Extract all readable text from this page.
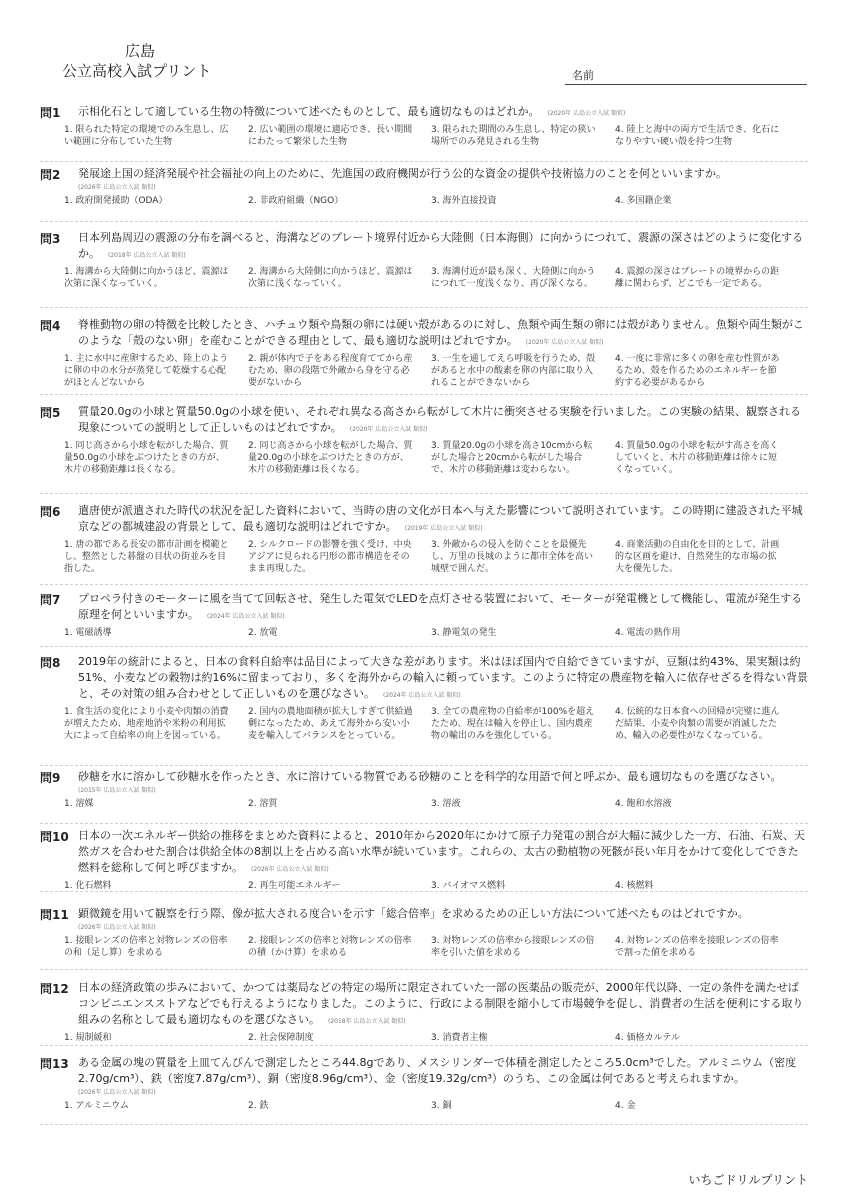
広島
公立高校入試プリント	名前
問1 示相化石として適している生物の特徴について述べたものとして、最も適切なものはどれか。 (2020年 広島公立入試 類似)
1. 限られた特定の環境でのみ生息し、広い範囲に分布していた生物
2. 広い範囲の環境に適応でき、長い期間にわたって繁栄した生物
3. 限られた期間のみ生息し、特定の狭い場所でのみ発見される生物
4. 陸上と海中の両方で生活でき、化石になりやすい硬い殻を持つ生物
問2 発展途上国の経済発展や社会福祉の向上のために、先進国の政府機関が行う公的な資金の提供や技術協力のことを何といいますか。
(2026年 広島公立入試 類似)
1. 政府開発援助（ODA）	2. 非政府組織（NGO）	3. 海外直接投資	4. 多国籍企業
問3 日本列島周辺の震源の分布を調べると、海溝などのプレート境界付近から大陸側（日本海側）に向かうにつれて、震源の深さはどのように変化するか。 (2018年 広島公立入試 類似)
1. 海溝から大陸側に向かうほど、震源は次第に深くなっていく。
2. 海溝から大陸側に向かうほど、震源は次第に浅くなっていく。
3. 海溝付近が最も深く、大陸側に向かうにつれて一度浅くなり、再び深くなる。
4. 震源の深さはプレートの境界からの距離に関わらず、どこでも一定である。
問4 脊椎動物の卵の特徴を比較したとき、ハチュウ類や鳥類の卵には硬い殻があるのに対し、魚類や両生類の卵には殻がありません。魚類や両生類がこのような「殻のない卵」を産むことができる理由として、最も適切な説明はどれですか。 (2020年 広島公立入試 類似)
1. 主に水中に産卵するため、陸上のように卵の中の水分が蒸発して乾燥する心配がほとんどないから
2. 親が体内で子をある程度育ててから産むため、卵の段階で外敵から身を守る必要がないから
3. 一生を通してえら呼吸を行うため、殻があると水中の酸素を卵の内部に取り入れることができないから
4. 一度に非常に多くの卵を産む性質があるため、殻を作るためのエネルギーを節約する必要があるから
問5 質量20.0gの小球と質量50.0gの小球を使い、それぞれ異なる高さから転がして木片に衝突させる実験を行いました。この実験の結果、観察される現象についての説明として正しいものはどれですか。 (2020年 広島公立入試 類似)
1. 同じ高さから小球を転がした場合、質量50.0gの小球をぶつけたときの方が、木片の移動距離は長くなる。
2. 同じ高さから小球を転がした場合、質量20.0gの小球をぶつけたときの方が、木片の移動距離は長くなる。
3. 質量20.0gの小球を高さ10cmから転がした場合と20cmから転がした場合で、木片の移動距離は変わらない。
4. 質量50.0gの小球を転がす高さを高くしていくと、木片の移動距離は徐々に短くなっていく。
問6 遣唐使が派遣された時代の状況を記した資料において、当時の唐の文化が日本へ与えた影響について説明されています。この時期に建設された平城京などの都城建設の背景として、最も適切な説明はどれですか。 (2019年 広島公立入試 類似)
1. 唐の都である長安の都市計画を模範とし、整然とした碁盤の目状の街並みを目指した。
2. シルクロードの影響を強く受け、中央アジアに見られる円形の都市構造をそのまま再現した。
3. 外敵からの侵入を防ぐことを最優先し、万里の長城のように都市全体を高い城壁で囲んだ。
4. 商業活動の自由化を目的として、計画的な区画を避け、自然発生的な市場の拡大を優先した。
問7 プロペラ付きのモーターに風を当てて回転させ、発生した電気でLEDを点灯させる装置において、モーターが発電機として機能し、電流が発生する原理を何といいますか。 (2024年 広島公立入試 類似)
1. 電磁誘導	2. 放電	3. 静電気の発生	4. 電流の熱作用
問8 2019年の統計によると、日本の食料自給率は品目によって大きな差があります。米はほぼ国内で自給できていますが、豆類は約43%、果実類は約51%、小麦などの穀物は約16%に留まっており、多くを海外からの輸入に頼っています。このように特定の農産物を輸入に依存せざるを得ない背景と、その対策の組み合わせとして正しいものを選びなさい。 (2024年 広島公立入試 類似)
1. 食生活の変化により小麦や肉類の消費が増えたため、地産地消や米粉の利用拡大によって自給率の向上を図っている。
2. 国内の農地面積が拡大しすぎて供給過剰になったため、あえて海外から安い小麦を輸入してバランスをとっている。
3. 全ての農産物の自給率が100%を超えたため、現在は輸入を停止し、国内農産物の輸出のみを強化している。
4. 伝統的な日本食への回帰が完璧に進んだ結果、小麦や肉類の需要が消滅したため、輸入の必要性がなくなっている。
問9 砂糖を水に溶かして砂糖水を作ったとき、水に溶けている物質である砂糖のことを科学的な用語で何と呼ぶか、最も適切なものを選びなさい。
(2015年 広島公立入試 類似)
1. 溶媒	2. 溶質	3. 溶液	4. 飽和水溶液
問10 日本の一次エネルギー供給の推移をまとめた資料によると、2010年から2020年にかけて原子力発電の割合が大幅に減少した一方、石油、石炭、天然ガスを合わせた割合は供給全体の8割以上を占める高い水準が続いています。これらの、太古の動植物の死骸が長い年月をかけて変化してできた燃料を総称して何と呼びますか。 (2026年 広島公立入試 類似)
1. 化石燃料	2. 再生可能エネルギー	3. バイオマス燃料	4. 核燃料
問11 顕微鏡を用いて観察を行う際、像が拡大される度合いを示す「総合倍率」を求めるための正しい方法について述べたものはどれですか。
(2026年 広島公立入試 類似)
1. 接眼レンズの倍率と対物レンズの倍率の和（足し算）を求める
2. 接眼レンズの倍率と対物レンズの倍率の積（かけ算）を求める
3. 対物レンズの倍率から接眼レンズの倍率を引いた値を求める
4. 対物レンズの倍率を接眼レンズの倍率で割った値を求める
問12 日本の経済政策の歩みにおいて、かつては薬局などの特定の場所に限定されていた一部の医薬品の販売が、2000年代以降、一定の条件を満たせばコンビニエンスストアなどでも行えるようになりました。このように、行政による制限を縮小して市場競争を促し、消費者の生活を便利にする取り組みの名称として最も適切なものを選びなさい。 (2018年 広島公立入試 類似)
1. 規制緩和	2. 社会保障制度	3. 消費者主権	4. 価格カルテル
問13 ある金属の塊の質量を上皿てんびんで測定したところ44.8gであり、メスシリンダーで体積を測定したところ5.0cm³でした。アルミニウム（密度2.70g/cm³）、鉄（密度7.87g/cm³）、銅（密度8.96g/cm³）、金（密度19.32g/cm³）のうち、この金属は何であると考えられますか。
(2026年 広島公立入試 類似)
1. アルミニウム	2. 鉄	3. 銅	4. 金
いちごドリルプリント
